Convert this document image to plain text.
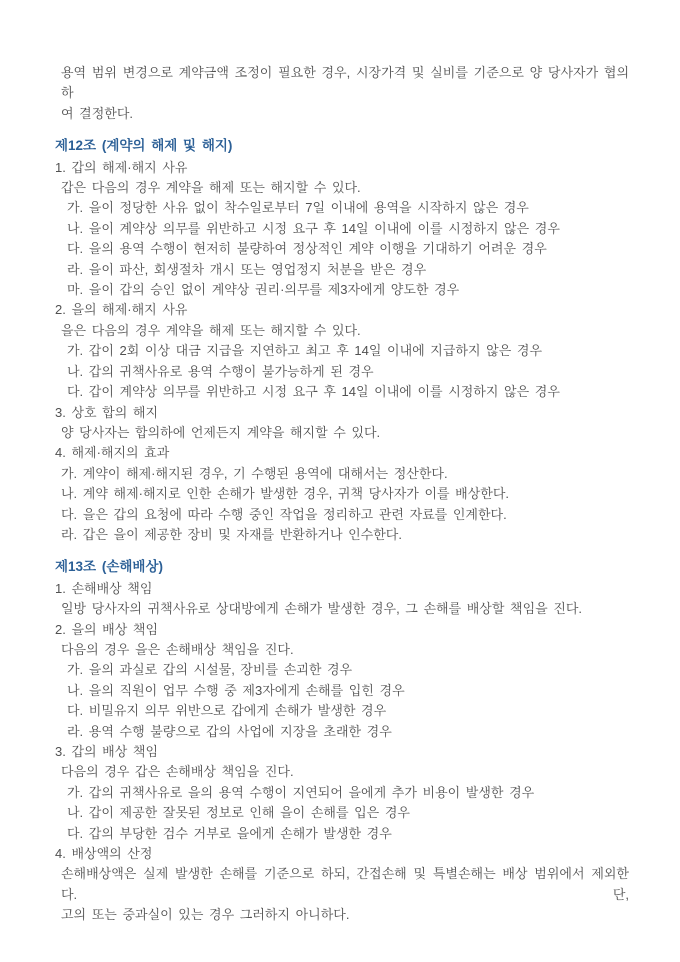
용역 범위 변경으로 계약금액 조정이 필요한 경우, 시장가격 및 실비를 기준으로 양 당사자가 협의하
여 결정한다.
제12조 (계약의 해제 및 해지)
1. 갑의 해제·해지 사유
갑은 다음의 경우 계약을 해제 또는 해지할 수 있다.
가. 을이 정당한 사유 없이 착수일로부터 7일 이내에 용역을 시작하지 않은 경우
나. 을이 계약상 의무를 위반하고 시정 요구 후 14일 이내에 이를 시정하지 않은 경우
다. 을의 용역 수행이 현저히 불량하여 정상적인 계약 이행을 기대하기 어려운 경우
라. 을이 파산, 회생절차 개시 또는 영업정지 처분을 받은 경우
마. 을이 갑의 승인 없이 계약상 권리·의무를 제3자에게 양도한 경우
2. 을의 해제·해지 사유
을은 다음의 경우 계약을 해제 또는 해지할 수 있다.
가. 갑이 2회 이상 대금 지급을 지연하고 최고 후 14일 이내에 지급하지 않은 경우
나. 갑의 귀책사유로 용역 수행이 불가능하게 된 경우
다. 갑이 계약상 의무를 위반하고 시정 요구 후 14일 이내에 이를 시정하지 않은 경우
3. 상호 합의 해지
양 당사자는 합의하에 언제든지 계약을 해지할 수 있다.
4. 해제·해지의 효과
가. 계약이 해제·해지된 경우, 기 수행된 용역에 대해서는 정산한다.
나. 계약 해제·해지로 인한 손해가 발생한 경우, 귀책 당사자가 이를 배상한다.
다. 을은 갑의 요청에 따라 수행 중인 작업을 정리하고 관련 자료를 인계한다.
라. 갑은 을이 제공한 장비 및 자재를 반환하거나 인수한다.
제13조 (손해배상)
1. 손해배상 책임
일방 당사자의 귀책사유로 상대방에게 손해가 발생한 경우, 그 손해를 배상할 책임을 진다.
2. 을의 배상 책임
다음의 경우 을은 손해배상 책임을 진다.
가. 을의 과실로 갑의 시설물, 장비를 손괴한 경우
나. 을의 직원이 업무 수행 중 제3자에게 손해를 입힌 경우
다. 비밀유지 의무 위반으로 갑에게 손해가 발생한 경우
라. 용역 수행 불량으로 갑의 사업에 지장을 초래한 경우
3. 갑의 배상 책임
다음의 경우 갑은 손해배상 책임을 진다.
가. 갑의 귀책사유로 을의 용역 수행이 지연되어 을에게 추가 비용이 발생한 경우
나. 갑이 제공한 잘못된 정보로 인해 을이 손해를 입은 경우
다. 갑의 부당한 검수 거부로 을에게 손해가 발생한 경우
4. 배상액의 산정
손해배상액은 실제 발생한 손해를 기준으로 하되, 간접손해 및 특별손해는 배상 범위에서 제외한다. 단,
고의 또는 중과실이 있는 경우 그러하지 아니하다.
